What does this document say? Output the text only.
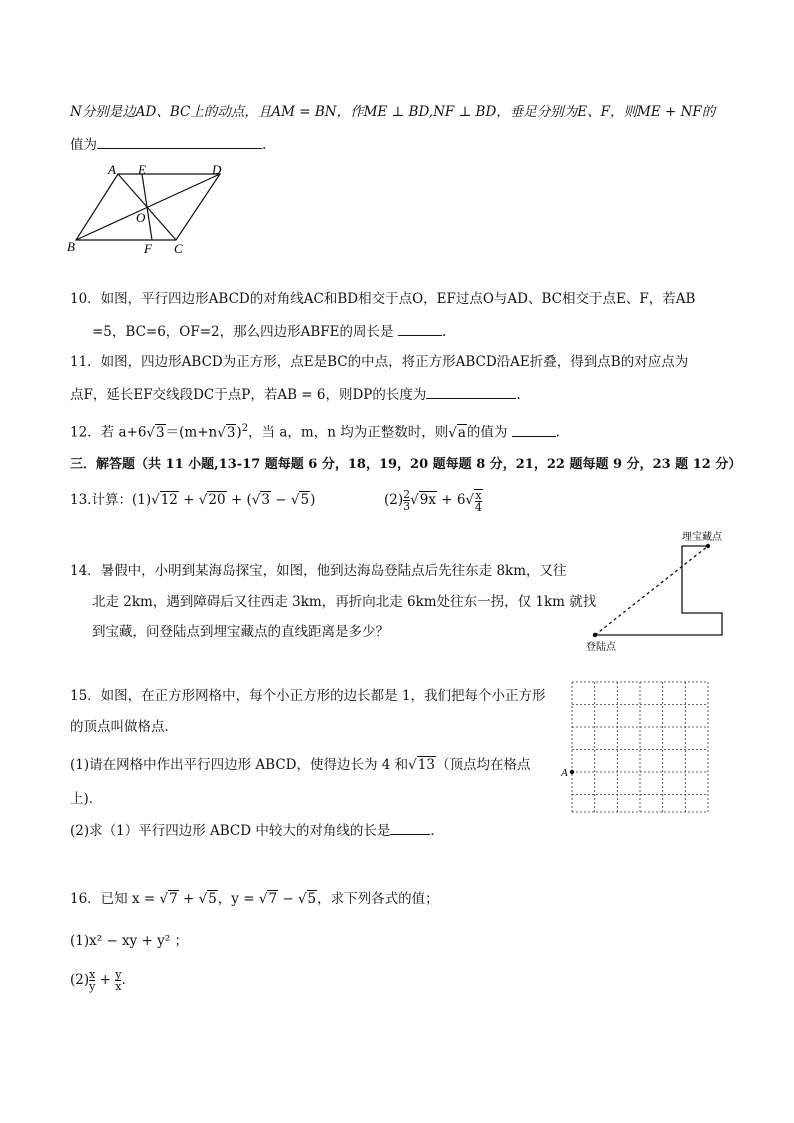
N分别是边AD、BC上的动点，且AM = BN，作ME ⊥ BD,NF ⊥ BD，垂足分别为E、F，则ME + NF的
值为	.
A E	D
O
B	F C
10．如图，平行四边形ABCD的对角线AC和BD相交于点O，EF过点O与AD、BC相交于点E、F，若AB
=5，BC=6，OF=2，那么四边形ABFE的周长是	.
11．如图，四边形ABCD为正方形，点E是BC的中点，将正方形ABCD沿AE折叠，得到点B的对应点为
点F，延长EF交线段DC于点P，若AB = 6，则DP的长度为	.
12．若 $a+6√3=(m+n√3)^2$，当 a，m，n 均为正整数时，则√a的值为	.
三．解答题（共 11 小题,13-17 题每题 6 分，18，19，20 题每题 8 分，21，22 题每题 9 分，23 题 12 分）
13.计算：(1)√12 + √20 + (√3 − √5)	$(2) \frac{2}{3} √9x + 6√ \frac{x}{4}$
14．暑假中，小明到某海岛探宝，如图，他到达海岛登陆点后先往东走 8km，又往
北走 2km，遇到障碍后又往西走 3km，再折向北走 6km处往东一拐，仅 1km 就找
到宝藏，问登陆点到埋宝藏点的直线距离是多少？
埋宝藏点
登陆点
15．如图，在正方形网格中，每个小正方形的边长都是 1，我们把每个小正方形
的顶点叫做格点．
(1)请在网格中作出平行四边形 ABCD，使得边长为 4 和√13（顶点均在格点
上)．
(2)求（1）平行四边形 ABCD 中较大的对角线的长是	．
A
16．已知 x = √7 + √5，y = √7 − √5，求下列各式的值；
(1)x² − xy + y² ；
$(2) \frac{x}{y} + \frac{y}{x}$ ．
